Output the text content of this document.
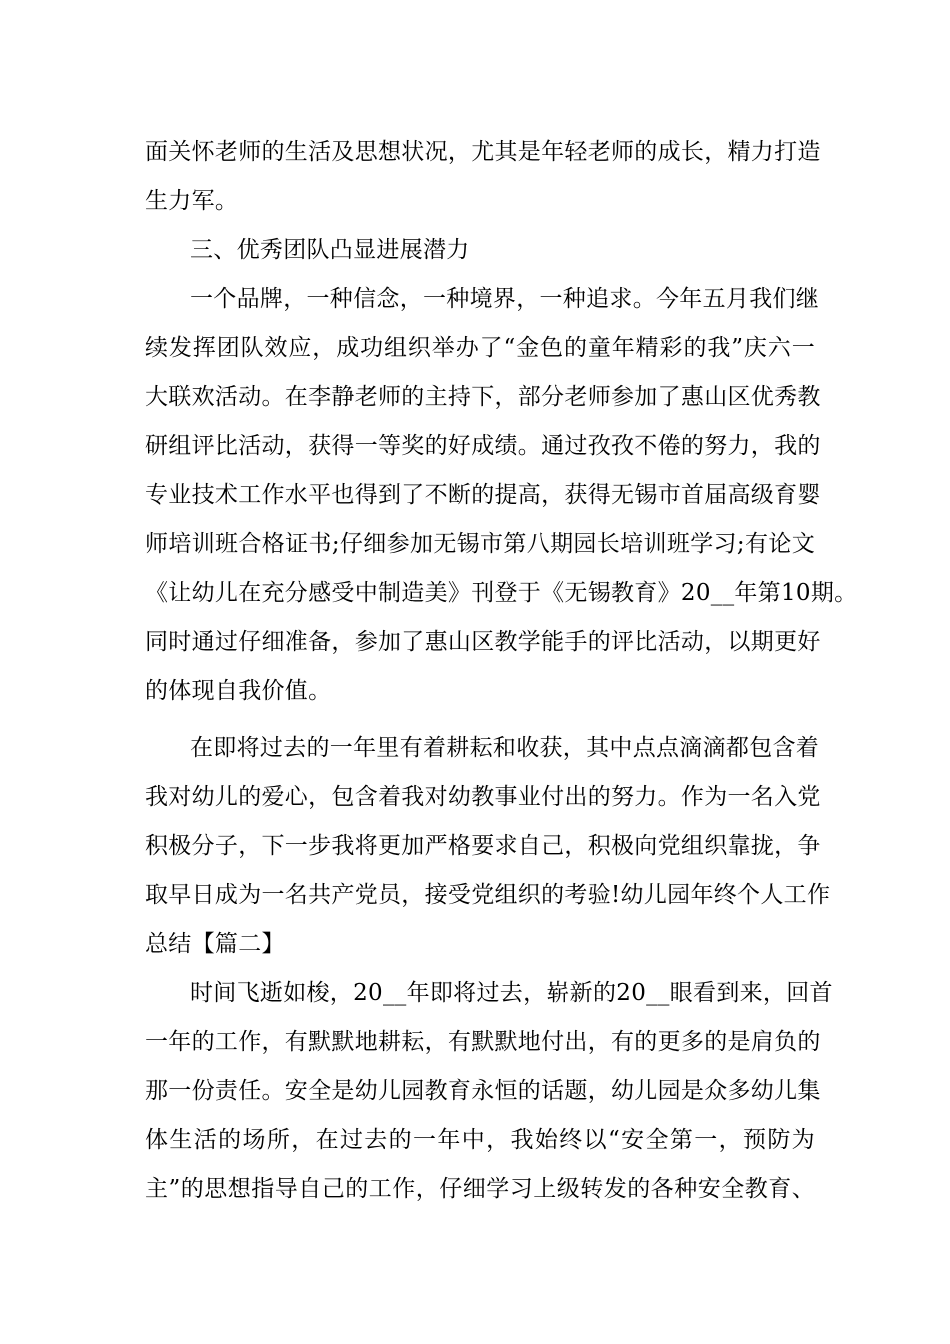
面关怀老师的生活及思想状况，尤其是年轻老师的成长，精力打造
生力军。
三、优秀团队凸显进展潜力
一个品牌，一种信念，一种境界，一种追求。今年五月我们继
续发挥团队效应，成功组织举办了“金色的童年精彩的我”庆六一
大联欢活动。在李静老师的主持下，部分老师参加了惠山区优秀教
研组评比活动，获得一等奖的好成绩。通过孜孜不倦的努力，我的
专业技术工作水平也得到了不断的提高，获得无锡市首届高级育婴
师培训班合格证书;仔细参加无锡市第八期园长培训班学习;有论文
《让幼儿在充分感受中制造美》刊登于《无锡教育》20__年第10期。
同时通过仔细准备，参加了惠山区教学能手的评比活动，以期更好
的体现自我价值。
在即将过去的一年里有着耕耘和收获，其中点点滴滴都包含着
我对幼儿的爱心，包含着我对幼教事业付出的努力。作为一名入党
积极分子，下一步我将更加严格要求自己，积极向党组织靠拢，争
取早日成为一名共产党员，接受党组织的考验!幼儿园年终个人工作
总结【篇二】
时间飞逝如梭，20__年即将过去，崭新的20__眼看到来，回首
一年的工作，有默默地耕耘，有默默地付出，有的更多的是肩负的
那一份责任。安全是幼儿园教育永恒的话题，幼儿园是众多幼儿集
体生活的场所，在过去的一年中，我始终以“安全第一，预防为
主”的思想指导自己的工作，仔细学习上级转发的各种安全教育、
